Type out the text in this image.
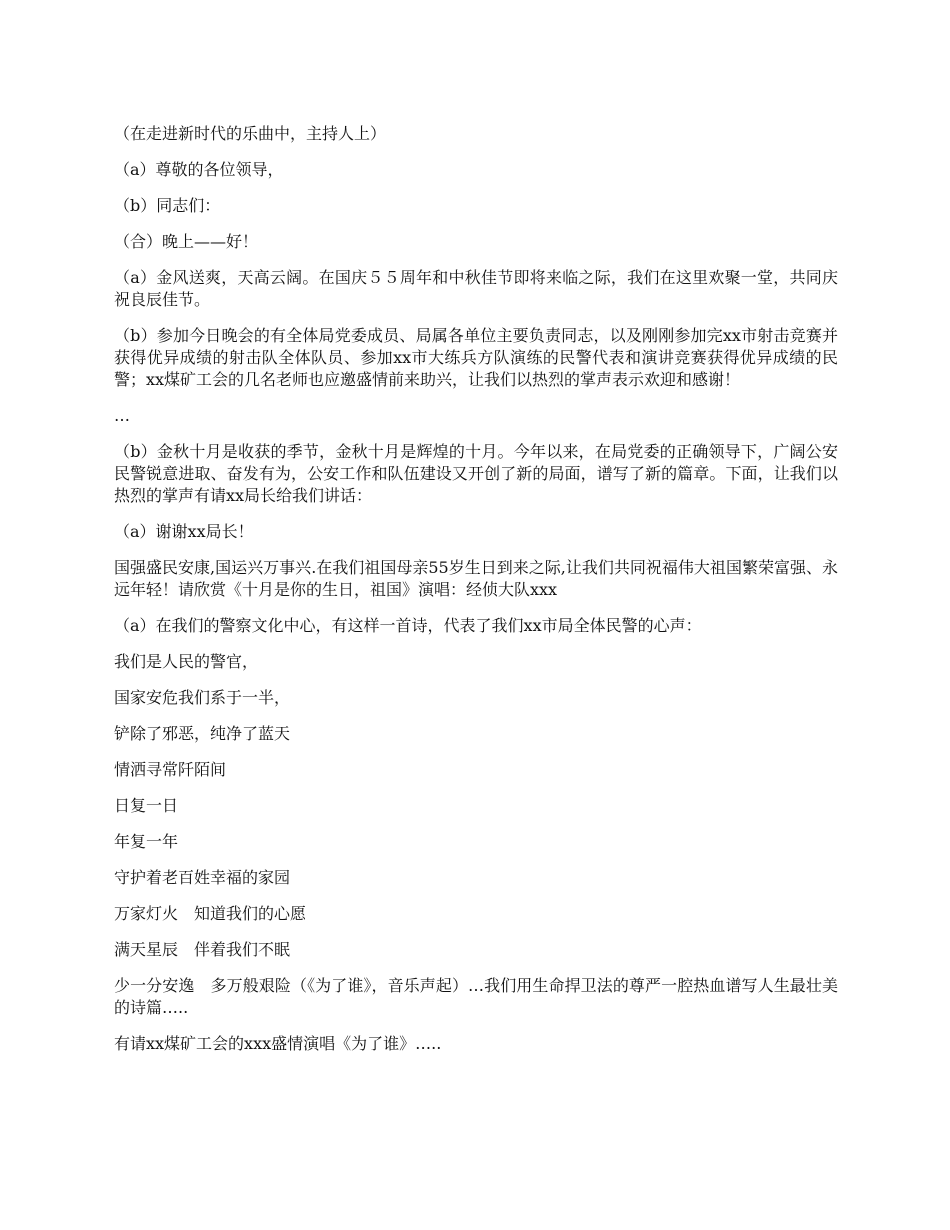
（在走进新时代的乐曲中，主持人上）

（a）尊敬的各位领导，

（b）同志们：

（合）晚上——好！

（a）金风送爽，天高云阔。在国庆５５周年和中秋佳节即将来临之际，我们在这里欢聚一堂，共同庆祝良辰佳节。

（b）参加今日晚会的有全体局党委成员、局属各单位主要负责同志，以及刚刚参加完xx市射击竞赛并获得优异成绩的射击队全体队员、参加xx市大练兵方队演练的民警代表和演讲竞赛获得优异成绩的民警；xx煤矿工会的几名老师也应邀盛情前来助兴，让我们以热烈的掌声表示欢迎和感谢！

…

（b）金秋十月是收获的季节，金秋十月是辉煌的十月。今年以来，在局党委的正确领导下，广阔公安民警锐意进取、奋发有为，公安工作和队伍建设又开创了新的局面，谱写了新的篇章。下面，让我们以热烈的掌声有请xx局长给我们讲话：

（a）谢谢xx局长！

国强盛民安康,国运兴万事兴.在我们祖国母亲55岁生日到来之际,让我们共同祝福伟大祖国繁荣富强、永远年轻！请欣赏《十月是你的生日，祖国》演唱：经侦大队xxx

（a）在我们的警察文化中心，有这样一首诗，代表了我们xx市局全体民警的心声：

我们是人民的警官，

国家安危我们系于一半，

铲除了邪恶，纯净了蓝天

情洒寻常阡陌间

日复一日

年复一年

守护着老百姓幸福的家园

万家灯火　知道我们的心愿

满天星辰　伴着我们不眠

少一分安逸　多万般艰险（《为了谁》，音乐声起）…我们用生命捍卫法的尊严一腔热血谱写人生最壮美的诗篇…..

有请xx煤矿工会的xxx盛情演唱《为了谁》…..
